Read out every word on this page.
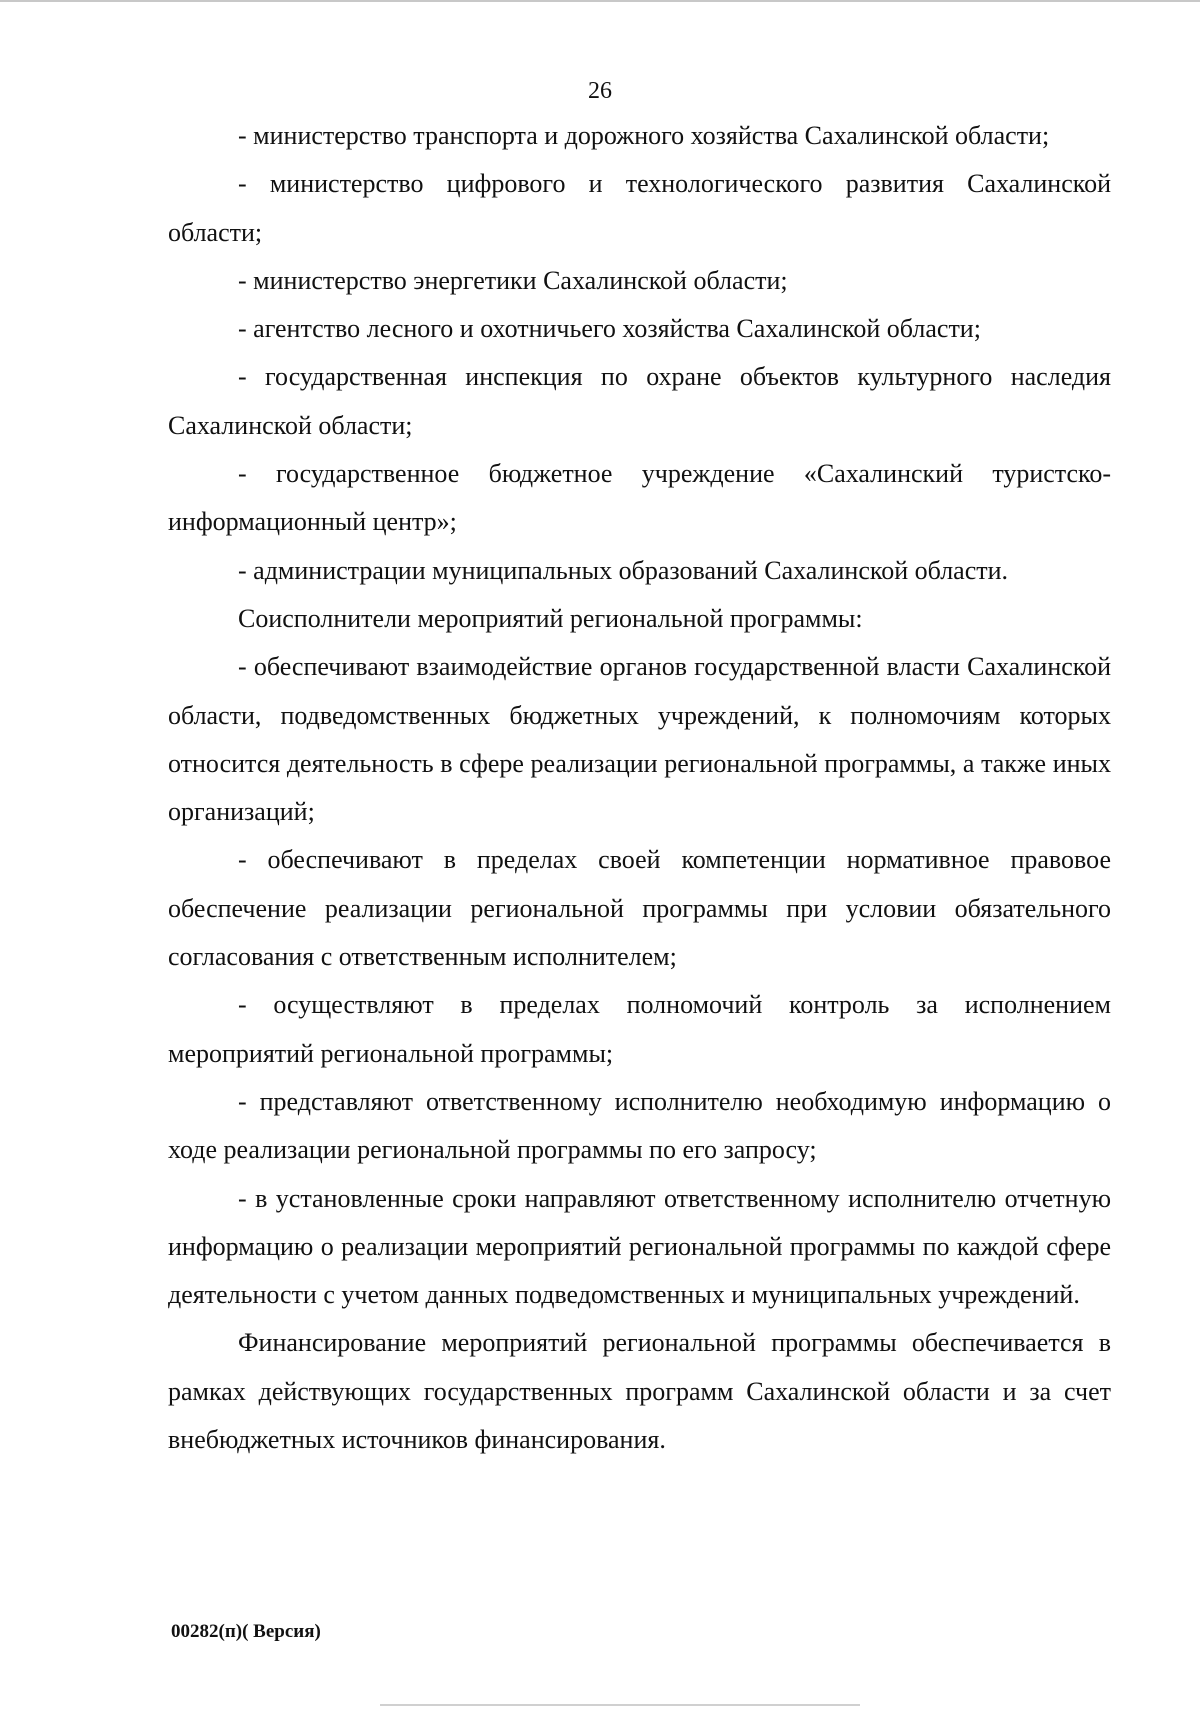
26

- министерство транспорта и дорожного хозяйства Сахалинской области;

- министерство цифрового и технологического развития Сахалинской области;

- министерство энергетики Сахалинской области;

- агентство лесного и охотничьего хозяйства Сахалинской области;

- государственная инспекция по охране объектов культурного наследия Сахалинской области;

- государственное бюджетное учреждение «Сахалинский туристско-информационный центр»;

- администрации муниципальных образований Сахалинской области.

Соисполнители мероприятий региональной программы:

- обеспечивают взаимодействие органов государственной власти Сахалинской области, подведомственных бюджетных учреждений, к полномочиям которых относится деятельность в сфере реализации региональной программы, а также иных организаций;

- обеспечивают в пределах своей компетенции нормативное правовое обеспечение реализации региональной программы при условии обязательного согласования с ответственным исполнителем;

- осуществляют в пределах полномочий контроль за исполнением мероприятий региональной программы;

- представляют ответственному исполнителю необходимую информацию о ходе реализации региональной программы по его запросу;

- в установленные сроки направляют ответственному исполнителю отчетную информацию о реализации мероприятий региональной программы по каждой сфере деятельности с учетом данных подведомственных и муниципальных учреждений.

Финансирование мероприятий региональной программы обеспечивается в рамках действующих государственных программ Сахалинской области и за счет внебюджетных источников финансирования.

00282(п)( Версия)
